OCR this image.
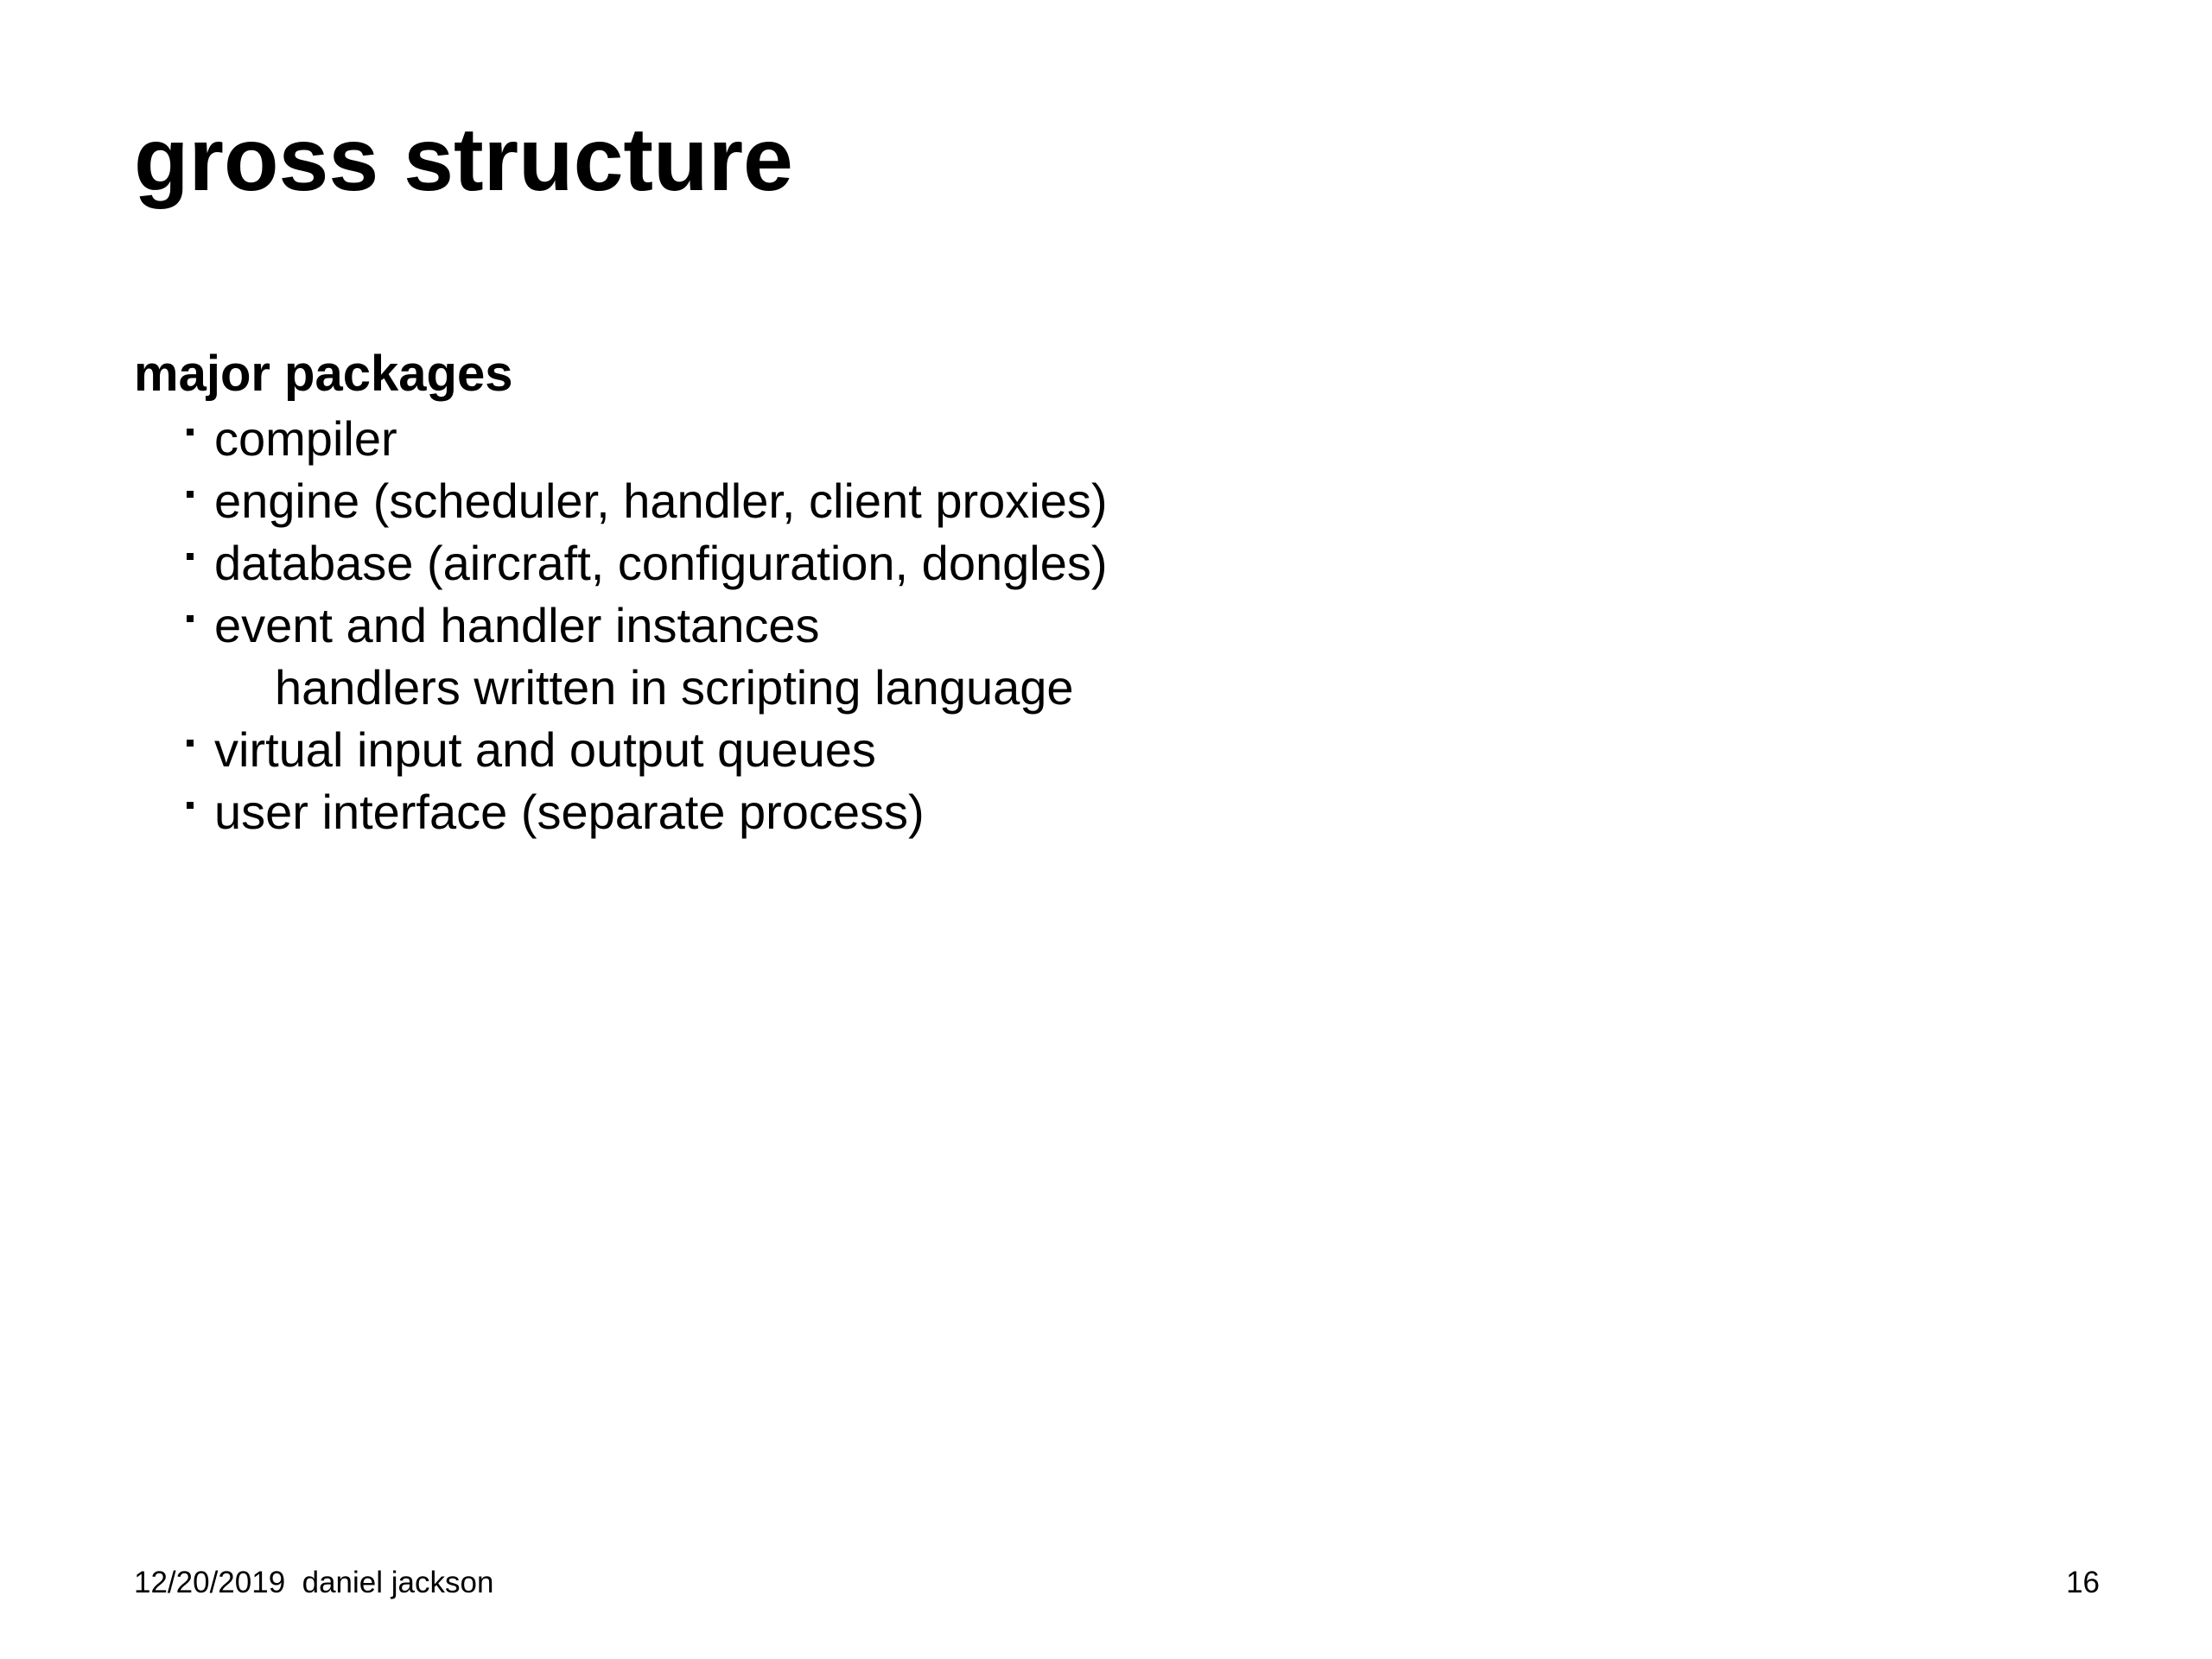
gross structure
major packages
compiler
engine (scheduler, handler, client proxies)
database (aircraft, configuration, dongles)
event and handler instances
handlers written in scripting language
virtual input and output queues
user interface (separate process)
12/20/2019  daniel jackson	16
